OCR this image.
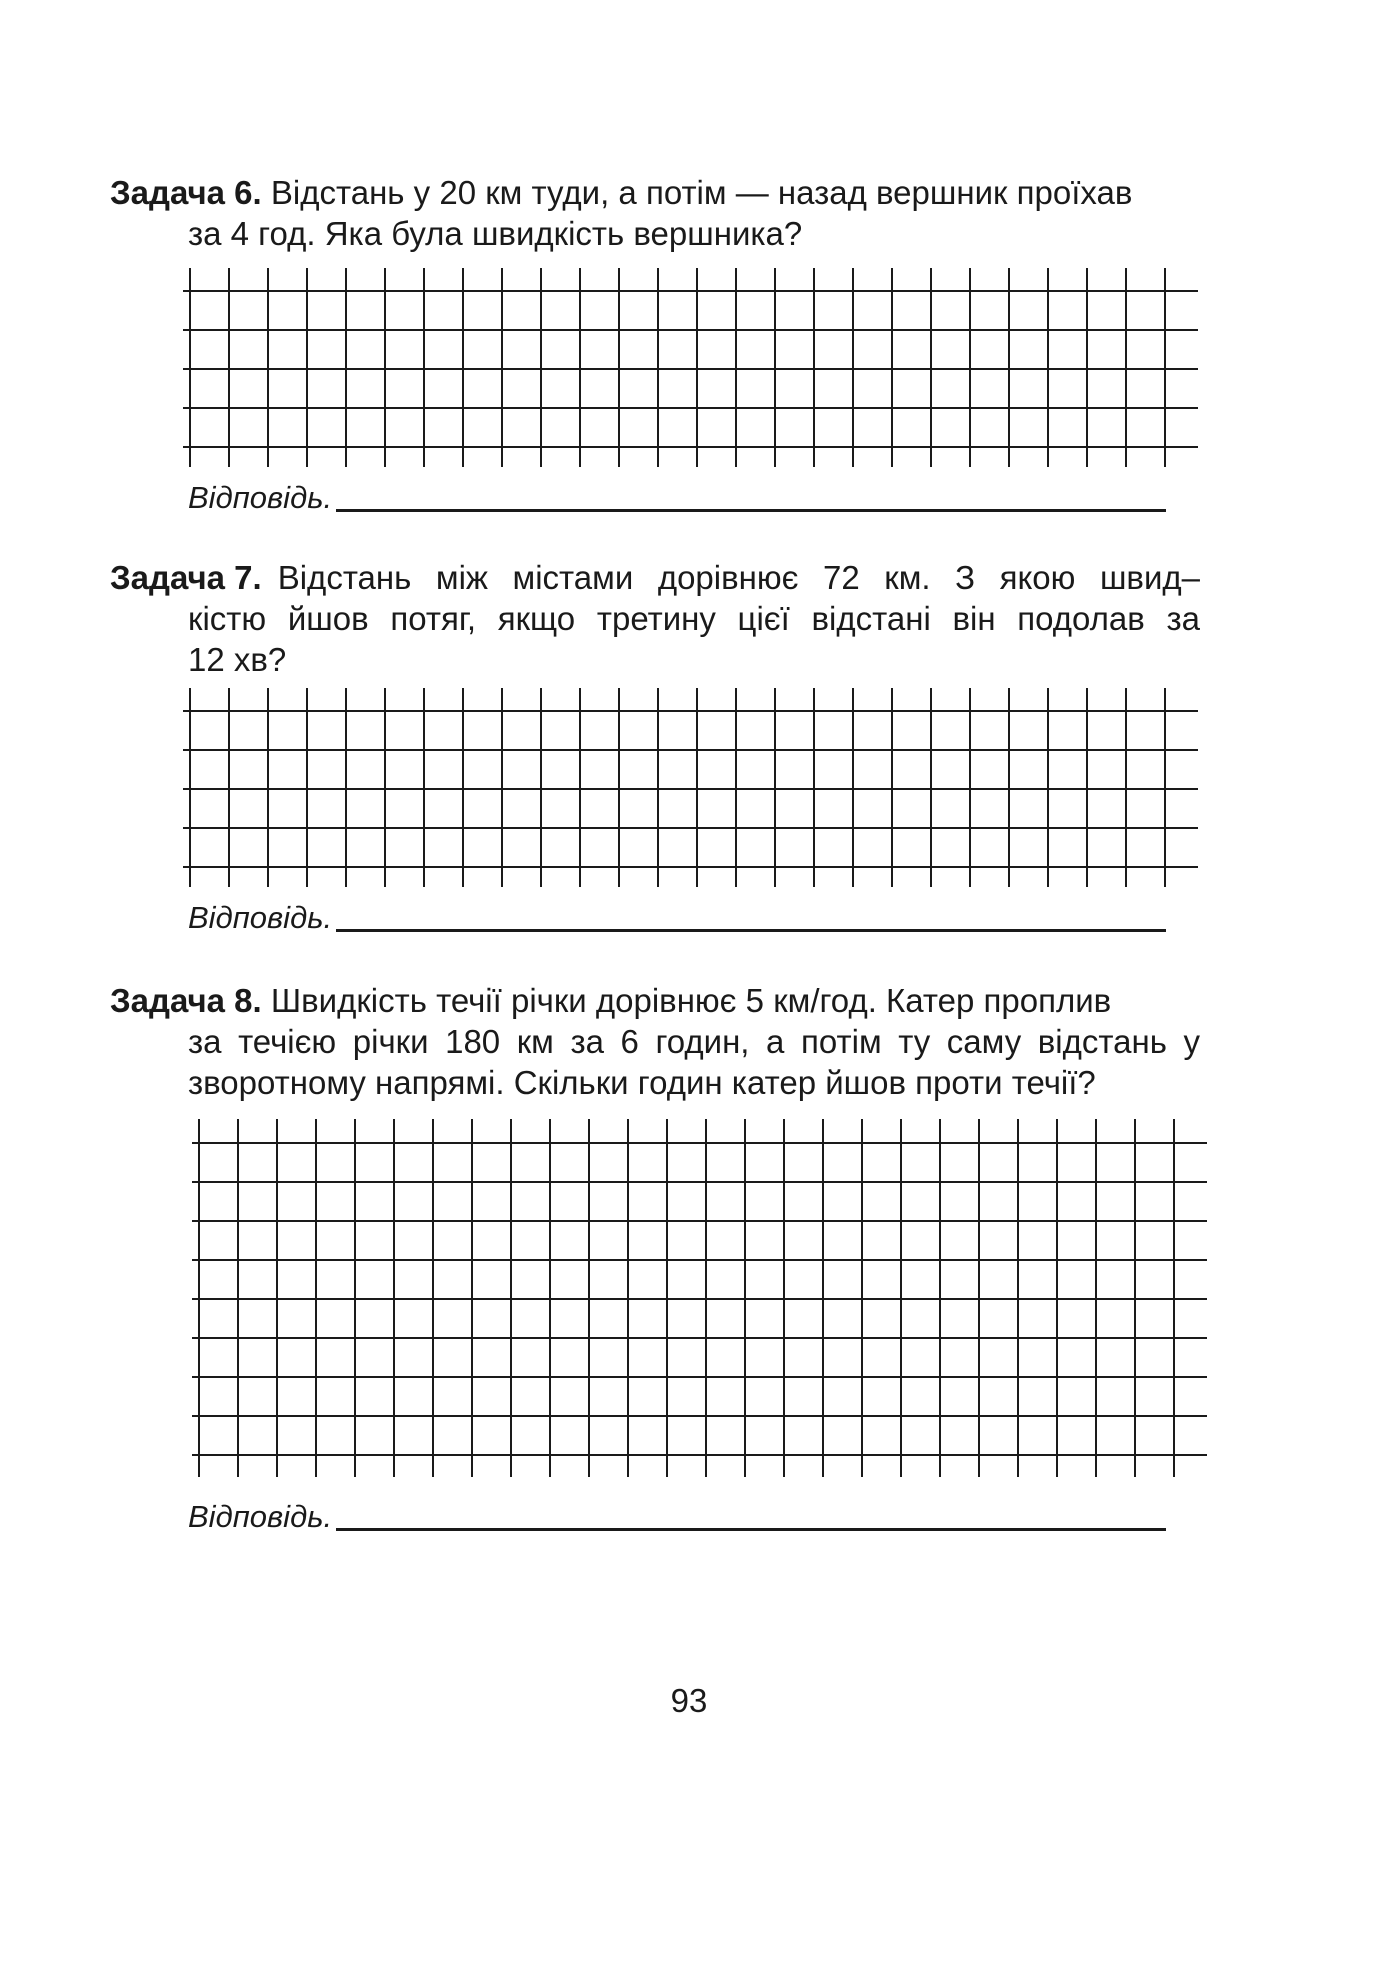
Задача 6. Відстань у 20 км туди, а потім — назад вершник проїхав

за 4 год. Яка була швидкість вершника?

Відповідь.
Задача 7. Відстань між містами дорівнює 72 км. З якою швид–

кістю йшов потяг, якщо третину цієї відстані він подолав за

12 хв?

Відповідь.
Задача 8. Швидкість течії річки дорівнює 5 км/год. Катер проплив

за течією річки 180 км за 6 годин, а потім ту саму відстань у

зворотному напрямі. Скільки годин катер йшов проти течії?

Відповідь.
93
